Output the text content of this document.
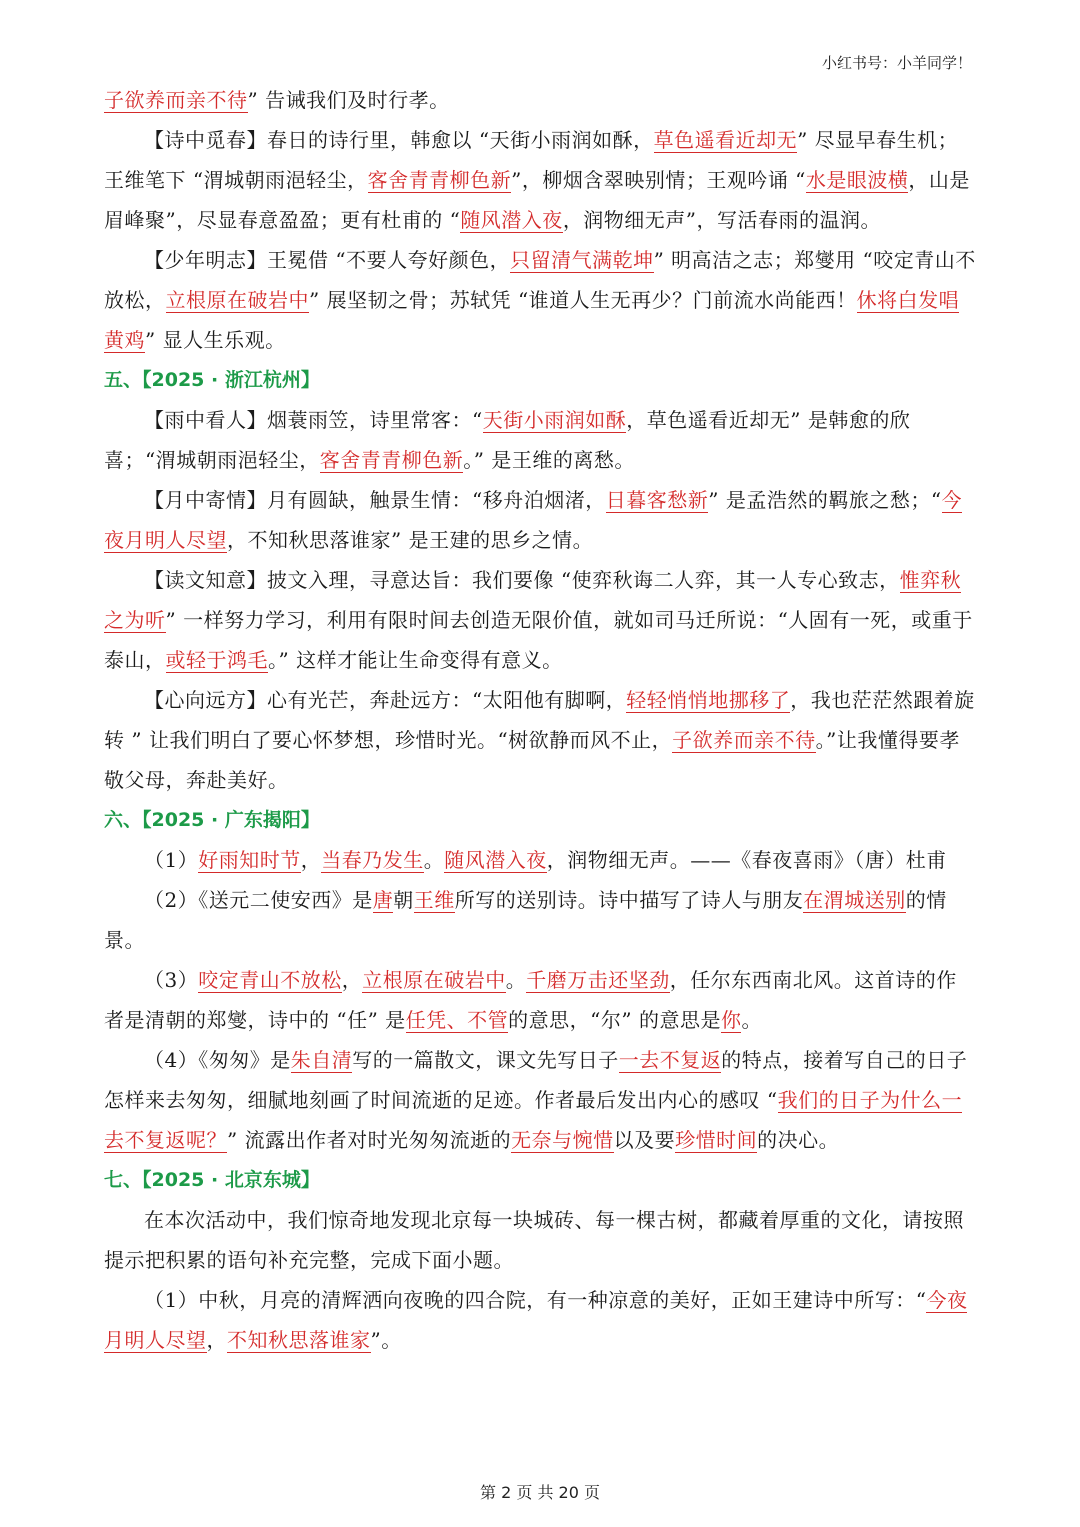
小红书号：小羊同学！

子欲养而亲不待” 告诫我们及时行孝。

【诗中觅春】春日的诗行里，韩愈以 “天街小雨润如酥，草色遥看近却无” 尽显早春生机；王维笔下 “渭城朝雨浥轻尘，客舍青青柳色新”，柳烟含翠映别情；王观吟诵 “水是眼波横，山是眉峰聚”，尽显春意盈盈；更有杜甫的 “随风潜入夜，润物细无声”，写活春雨的温润。

【少年明志】王冕借 “不要人夸好颜色，只留清气满乾坤” 明高洁之志；郑燮用 “咬定青山不放松，立根原在破岩中” 展坚韧之骨；苏轼凭 “谁道人生无再少？门前流水尚能西！休将白发唱黄鸡” 显人生乐观。

五、【2025 · 浙江杭州】

【雨中看人】烟蓑雨笠，诗里常客：“天街小雨润如酥，草色遥看近却无” 是韩愈的欣喜；“渭城朝雨浥轻尘，客舍青青柳色新。” 是王维的离愁。

【月中寄情】月有圆缺，触景生情：“移舟泊烟渚，日暮客愁新” 是孟浩然的羁旅之愁；“今夜月明人尽望，不知秋思落谁家” 是王建的思乡之情。

【读文知意】披文入理，寻意达旨：我们要像 “使弈秋诲二人弈，其一人专心致志，惟弈秋之为听” 一样努力学习，利用有限时间去创造无限价值，就如司马迁所说：“人固有一死，或重于泰山，或轻于鸿毛。” 这样才能让生命变得有意义。

【心向远方】心有光芒，奔赴远方：“太阳他有脚啊，轻轻悄悄地挪移了，我也茫茫然跟着旋转 ” 让我们明白了要心怀梦想，珍惜时光。“树欲静而风不止，子欲养而亲不待。”让我懂得要孝敬父母，奔赴美好。

六、【2025 · 广东揭阳】

（1）好雨知时节，当春乃发生。随风潜入夜，润物细无声。——《春夜喜雨》（唐）杜甫

（2）《送元二使安西》是唐朝王维所写的送别诗。诗中描写了诗人与朋友在渭城送别的情景。

（3）咬定青山不放松，立根原在破岩中。千磨万击还坚劲，任尔东西南北风。这首诗的作者是清朝的郑燮，诗中的 “任” 是任凭、不管的意思，“尔” 的意思是你。

（4）《匆匆》是朱自清写的一篇散文，课文先写日子一去不复返的特点，接着写自己的日子怎样来去匆匆，细腻地刻画了时间流逝的足迹。作者最后发出内心的感叹 “我们的日子为什么一去不复返呢？” 流露出作者对时光匆匆流逝的无奈与惋惜以及要珍惜时间的决心。

七、【2025 · 北京东城】

在本次活动中，我们惊奇地发现北京每一块城砖、每一棵古树，都藏着厚重的文化，请按照提示把积累的语句补充完整，完成下面小题。

（1）中秋，月亮的清辉洒向夜晚的四合院，有一种凉意的美好，正如王建诗中所写：“今夜月明人尽望，不知秋思落谁家”。

第 2 页 共 20 页
